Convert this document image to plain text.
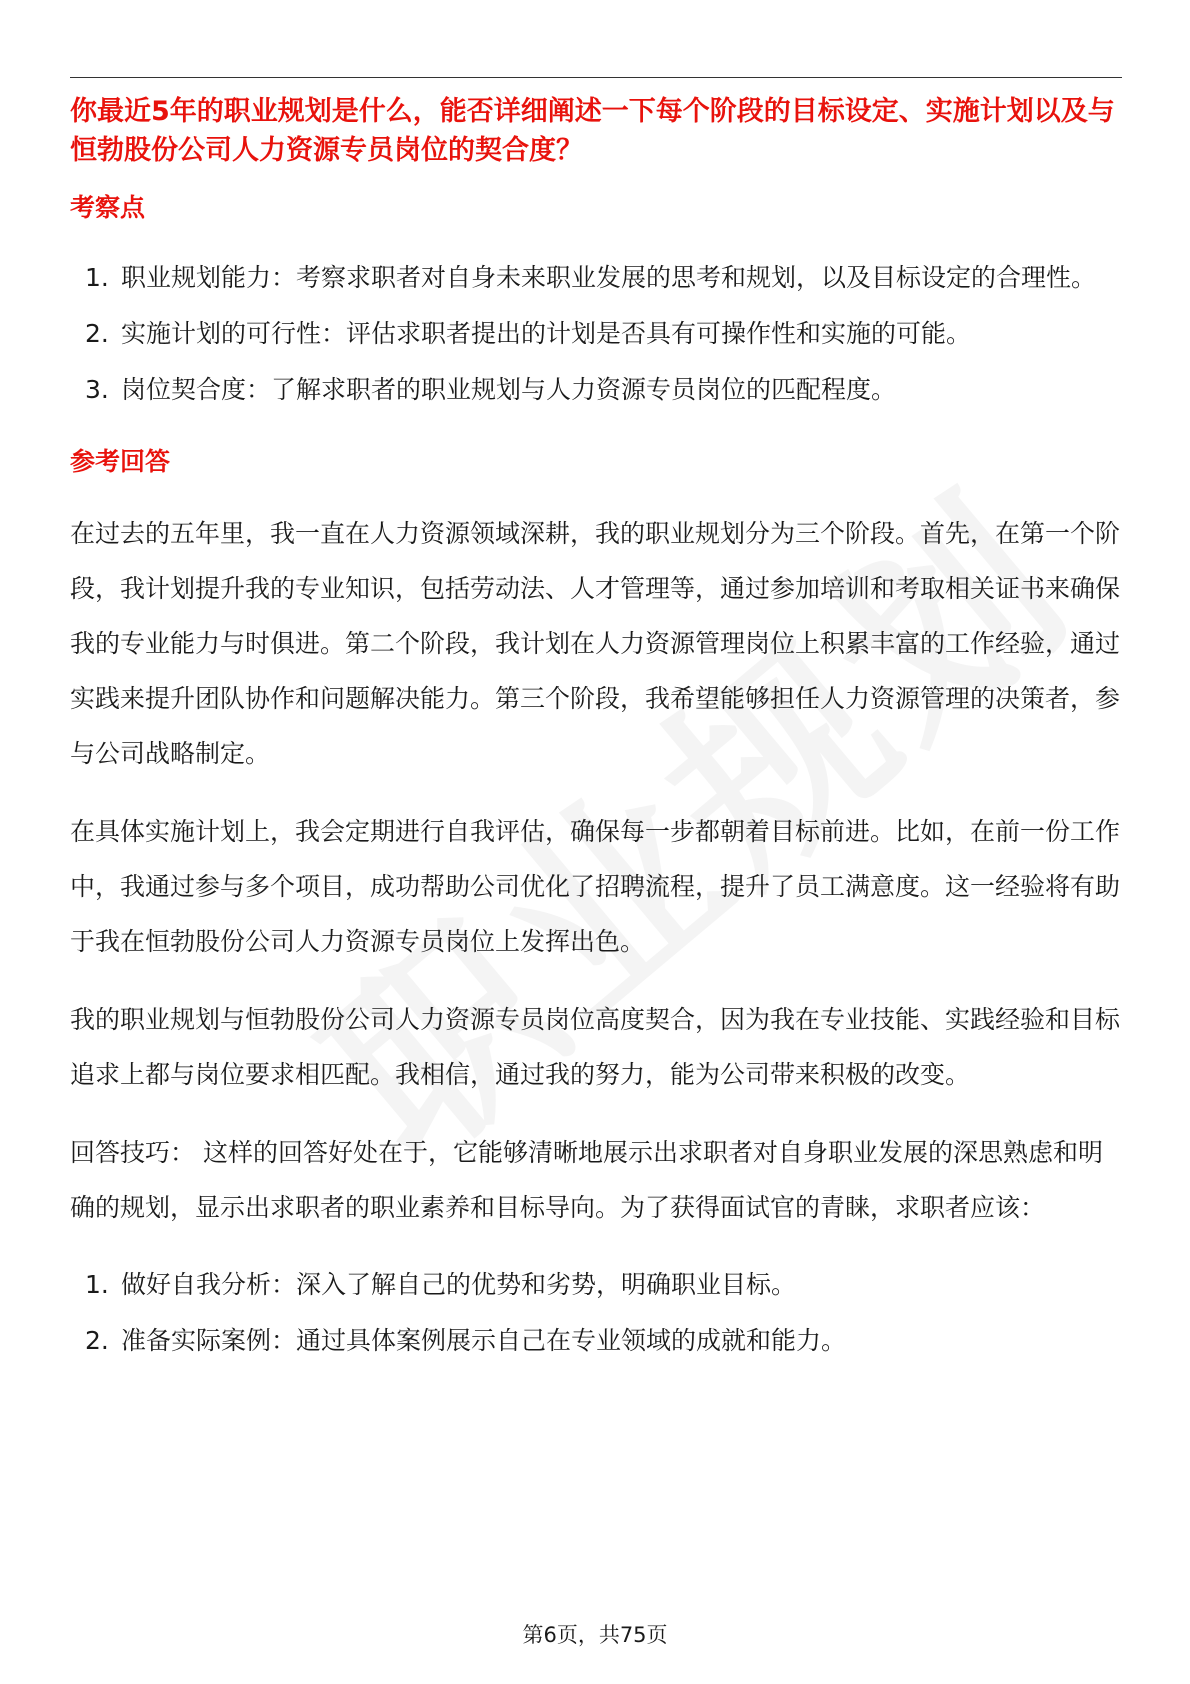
你最近5年的职业规划是什么，能否详细阐述一下每个阶段的目标设定、实施计划以及与恒勃股份公司人力资源专员岗位的契合度？
考察点
1. 职业规划能力：考察求职者对自身未来职业发展的思考和规划，以及目标设定的合理性。
2. 实施计划的可行性：评估求职者提出的计划是否具有可操作性和实施的可能。
3. 岗位契合度：了解求职者的职业规划与人力资源专员岗位的匹配程度。
参考回答

在过去的五年里，我一直在人力资源领域深耕，我的职业规划分为三个阶段。首先，在第一个阶段，我计划提升我的专业知识，包括劳动法、人才管理等，通过参加培训和考取相关证书来确保我的专业能力与时俱进。第二个阶段，我计划在人力资源管理岗位上积累丰富的工作经验，通过实践来提升团队协作和问题解决能力。第三个阶段，我希望能够担任人力资源管理的决策者，参与公司战略制定。

在具体实施计划上，我会定期进行自我评估，确保每一步都朝着目标前进。比如，在前一份工作中，我通过参与多个项目，成功帮助公司优化了招聘流程，提升了员工满意度。这一经验将有助于我在恒勃股份公司人力资源专员岗位上发挥出色。

我的职业规划与恒勃股份公司人力资源专员岗位高度契合，因为我在专业技能、实践经验和目标追求上都与岗位要求相匹配。我相信，通过我的努力，能为公司带来积极的改变。

回答技巧： 这样的回答好处在于，它能够清晰地展示出求职者对自身职业发展的深思熟虑和明确的规划，显示出求职者的职业素养和目标导向。为了获得面试官的青睐，求职者应该：

1. 做好自我分析：深入了解自己的优势和劣势，明确职业目标。
2. 准备实际案例：通过具体案例展示自己在专业领域的成就和能力。
第6页，共75页
